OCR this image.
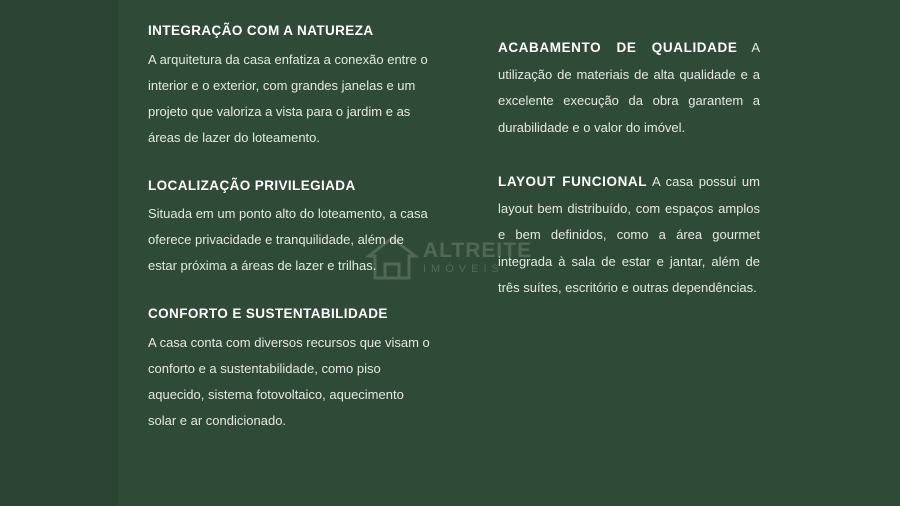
INTEGRAÇÃO COM A NATUREZA
A arquitetura da casa enfatiza a conexão entre o interior e o exterior, com grandes janelas e um projeto que valoriza a vista para o jardim e as áreas de lazer do loteamento.
LOCALIZAÇÃO PRIVILEGIADA
Situada em um ponto alto do loteamento, a casa oferece privacidade e tranquilidade, além de estar próxima a áreas de lazer e trilhas.
CONFORTO E SUSTENTABILIDADE
A casa conta com diversos recursos que visam o conforto e a sustentabilidade, como piso aquecido, sistema fotovoltaico, aquecimento solar e ar condicionado.

ACABAMENTO DE QUALIDADE A utilização de materiais de alta qualidade e a excelente execução da obra garantem a durabilidade e o valor do imóvel.

LAYOUT FUNCIONAL A casa possui um layout bem distribuído, com espaços amplos e bem definidos, como a área gourmet integrada à sala de estar e jantar, além de três suítes, escritório e outras dependências.

ALTREITE
IMÓVEIS
